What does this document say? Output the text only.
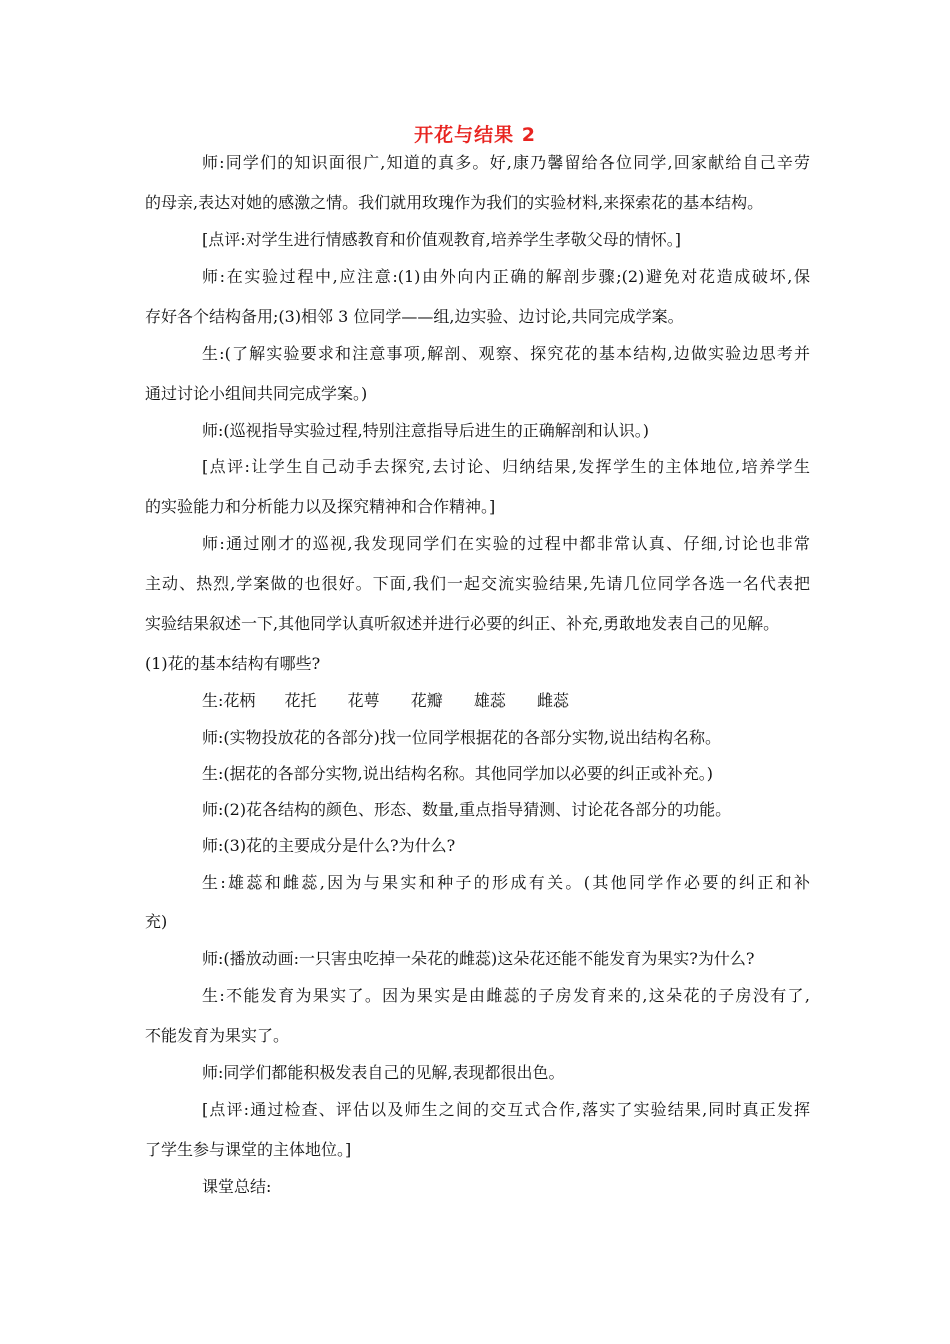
开花与结果 2
师:同学们的知识面很广,知道的真多。好,康乃馨留给各位同学,回家献给自己辛劳
的母亲,表达对她的感激之情。我们就用玫瑰作为我们的实验材料,来探索花的基本结构。
[点评:对学生进行情感教育和价值观教育,培养学生孝敬父母的情怀。]
师:在实验过程中,应注意:(1)由外向内正确的解剖步骤;(2)避免对花造成破坏,保
存好各个结构备用;(3)相邻 3 位同学——组,边实验、边讨论,共同完成学案。
生:(了解实验要求和注意事项,解剖、观察、探究花的基本结构,边做实验边思考并
通过讨论小组间共同完成学案。)
师:(巡视指导实验过程,特别注意指导后进生的正确解剖和认识。)
[点评:让学生自己动手去探究,去讨论、归纳结果,发挥学生的主体地位,培养学生
的实验能力和分析能力以及探究精神和合作精神。]
师:通过刚才的巡视,我发现同学们在实验的过程中都非常认真、仔细,讨论也非常
主动、热烈,学案做的也很好。下面,我们一起交流实验结果,先请几位同学各选一名代表把
实验结果叙述一下,其他同学认真听叙述并进行必要的纠正、补充,勇敢地发表自己的见解。
(1)花的基本结构有哪些?
生:花柄 花托 花萼 花瓣 雄蕊 雌蕊
师:(实物投放花的各部分)找一位同学根据花的各部分实物,说出结构名称。
生:(据花的各部分实物,说出结构名称。其他同学加以必要的纠正或补充。)
师:(2)花各结构的颜色、形态、数量,重点指导猜测、讨论花各部分的功能。
师:(3)花的主要成分是什么?为什么?
生:雄蕊和雌蕊,因为与果实和种子的形成有关。(其他同学作必要的纠正和补
充)
师:(播放动画:一只害虫吃掉一朵花的雌蕊)这朵花还能不能发育为果实?为什么?
生:不能发育为果实了。因为果实是由雌蕊的子房发育来的,这朵花的子房没有了,
不能发育为果实了。
师:同学们都能积极发表自己的见解,表现都很出色。
[点评:通过检查、评估以及师生之间的交互式合作,落实了实验结果,同时真正发挥
了学生参与课堂的主体地位。]
课堂总结:
